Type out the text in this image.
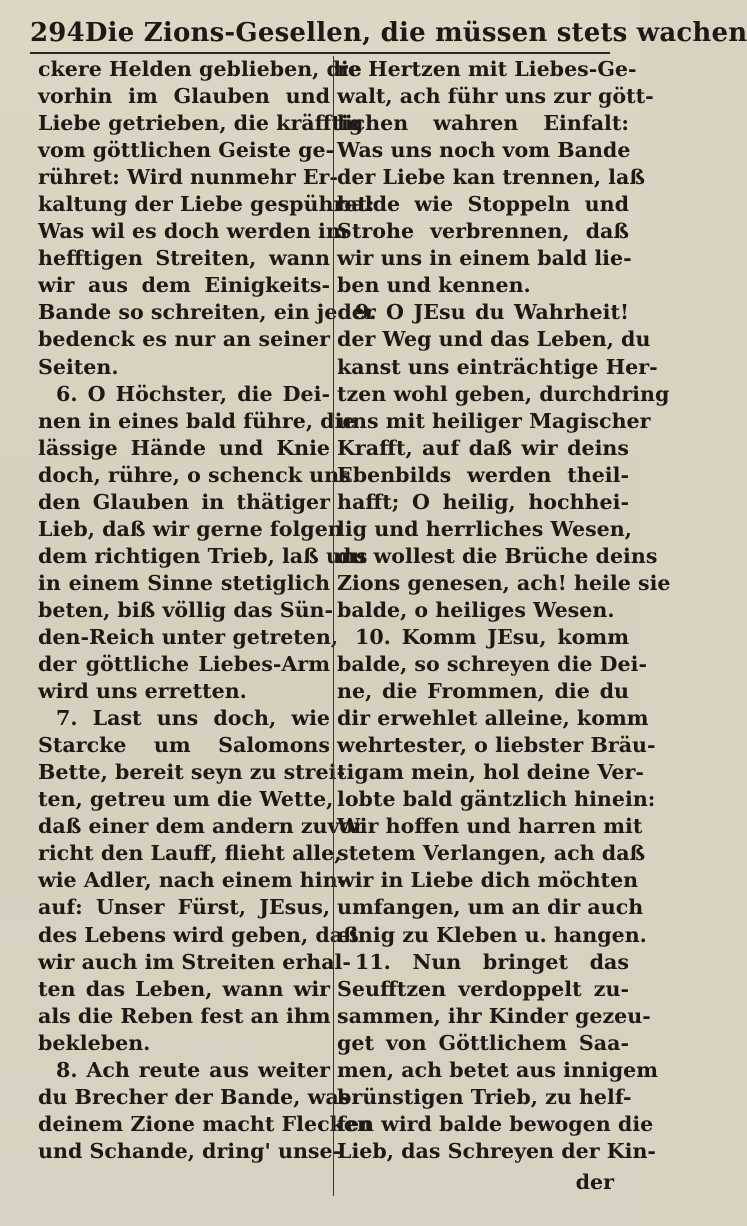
294 Die Zions-Gesellen, die müssen stets wachen
ckere Helden geblieben, die
vorhin im Glauben und
Liebe getrieben, die kräfftig
vom göttlichen Geiste ge-
rühret: Wird nunmehr Er-
kaltung der Liebe gespühret:
Was wil es doch werden im
hefftigen Streiten, wann
wir aus dem Einigkeits-
Bande so schreiten, ein jeder
bedenck es nur an seiner
Seiten.
6. O Höchster, die Dei-
nen in eines bald führe, die
lässige Hände und Knie
doch, rühre, o schenck uns
den Glauben in thätiger
Lieb, daß wir gerne folgen
dem richtigen Trieb, laß uns
in einem Sinne stetiglich
beten, biß völlig das Sün-
den-Reich unter getreten,
der göttliche Liebes-Arm
wird uns erretten.
7. Last uns doch, wie
Starcke um Salomons
Bette, bereit seyn zu strei-
ten, getreu um die Wette,
daß einer dem andern zuvor
richt den Lauff, flieht alle,
wie Adler, nach einem hin-
auf: Unser Fürst, JEsus,
des Lebens wird geben, daß
wir auch im Streiten erhal-
ten das Leben, wann wir
als die Reben fest an ihm
bekleben.
8. Ach reute aus weiter
du Brecher der Bande, was
deinem Zione macht Flecken
und Schande, dring' unse-
re Hertzen mit Liebes-Ge-
walt, ach führ uns zur gött-
lichen wahren Einfalt:
Was uns noch vom Bande
der Liebe kan trennen, laß
balde wie Stoppeln und
Strohe verbrennen, daß
wir uns in einem bald lie-
ben und kennen.
9. O JEsu du Wahrheit!
der Weg und das Leben, du
kanst uns einträchtige Her-
tzen wohl geben, durchdring
uns mit heiliger Magischer
Krafft, auf daß wir deins
Ebenbilds werden theil-
hafft; O heilig, hochhei-
lig und herrliches Wesen,
du wollest die Brüche deins
Zions genesen, ach! heile sie
balde, o heiliges Wesen.
10. Komm JEsu, komm
balde, so schreyen die Dei-
ne, die Frommen, die du
dir erwehlet alleine, komm
wehrtester, o liebster Bräu-
tigam mein, hol deine Ver-
lobte bald gäntzlich hinein:
Wir hoffen und harren mit
stetem Verlangen, ach daß
wir in Liebe dich möchten
umfangen, um an dir auch
einig zu Kleben u. hangen.
11. Nun bringet das
Seufftzen verdoppelt zu-
sammen, ihr Kinder gezeu-
get von Göttlichem Saa-
men, ach betet aus innigem
brünstigen Trieb, zu helf-
fen wird balde bewogen die
Lieb, das Schreyen der Kin-
der
